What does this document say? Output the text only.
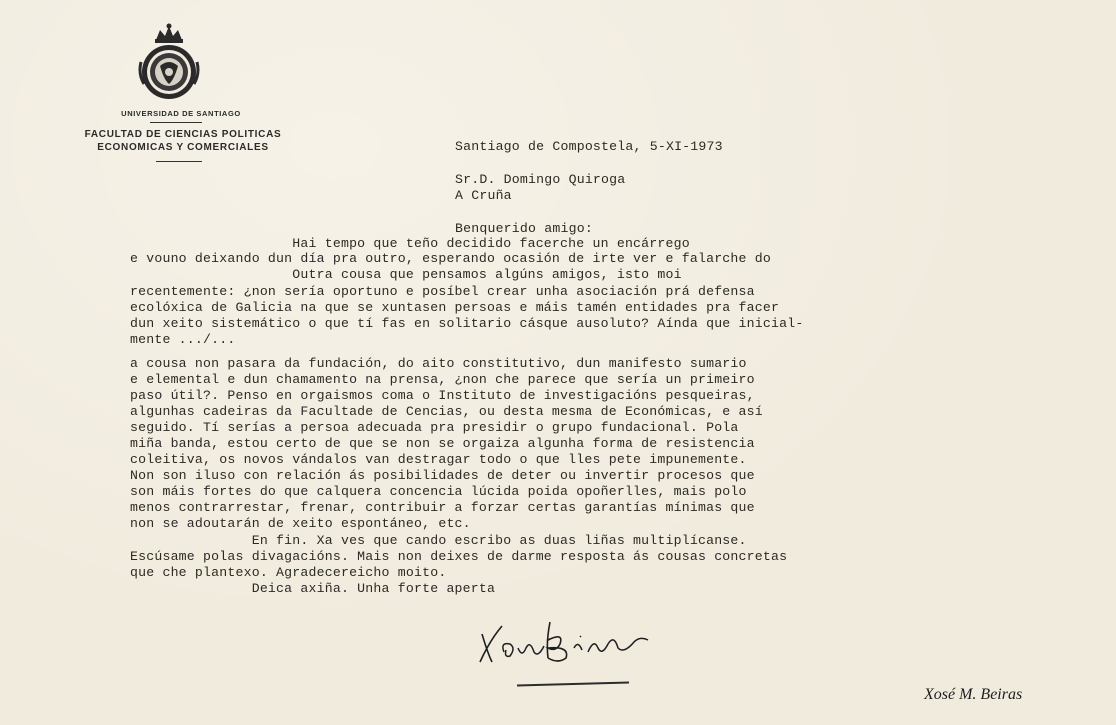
UNIVERSIDAD DE SANTIAGO
FACULTAD DE CIENCIAS POLITICAS
ECONOMICAS Y COMERCIALES	Santiago de Compostela, 5-XI-1973
Sr.D. Domingo Quiroga
A Cruña
Benquerido amigo:
Hai tempo que teño decidido facerche un encárrego
e vouno deixando dun día pra outro, esperando ocasión de irte ver e falarche do
Outra cousa que pensamos algúns amigos, isto moi
recentemente: ¿non sería oportuno e posíbel crear unha asociación prá defensa
ecolóxica de Galicia na que se xuntasen persoas e máis tamén entidades pra facer
dun xeito sistemático o que tí fas en solitario cásque ausoluto? Aínda que inicial-
mente .../...
a cousa non pasara da fundación, do aito constitutivo, dun manifesto sumario
e elemental e dun chamamento na prensa, ¿non che parece que sería un primeiro
paso útil?. Penso en orgaismos coma o Instituto de investigacións pesqueiras,
algunhas cadeiras da Facultade de Cencias, ou desta mesma de Económicas, e así
seguido. Tí serías a persoa adecuada pra presidir o grupo fundacional. Pola
miña banda, estou certo de que se non se orgaiza algunha forma de resistencia
coleitiva, os novos vándalos van destragar todo o que lles pete impunemente.
Non son iluso con relación ás posibilidades de deter ou invertir procesos que
son máis fortes do que calquera concencia lúcida poida opoñerlles, mais polo
menos contrarrestar, frenar, contribuir a forzar certas garantías mínimas que
non se adoutarán de xeito espontáneo, etc.
En fin. Xa ves que cando escribo as duas liñas multiplícanse.
Escúsame polas divagacións. Mais non deixes de darme resposta ás cousas concretas
que che plantexo. Agradecereicho moito.
Deica axiña. Unha forte aperta
Xosé M. Beiras
